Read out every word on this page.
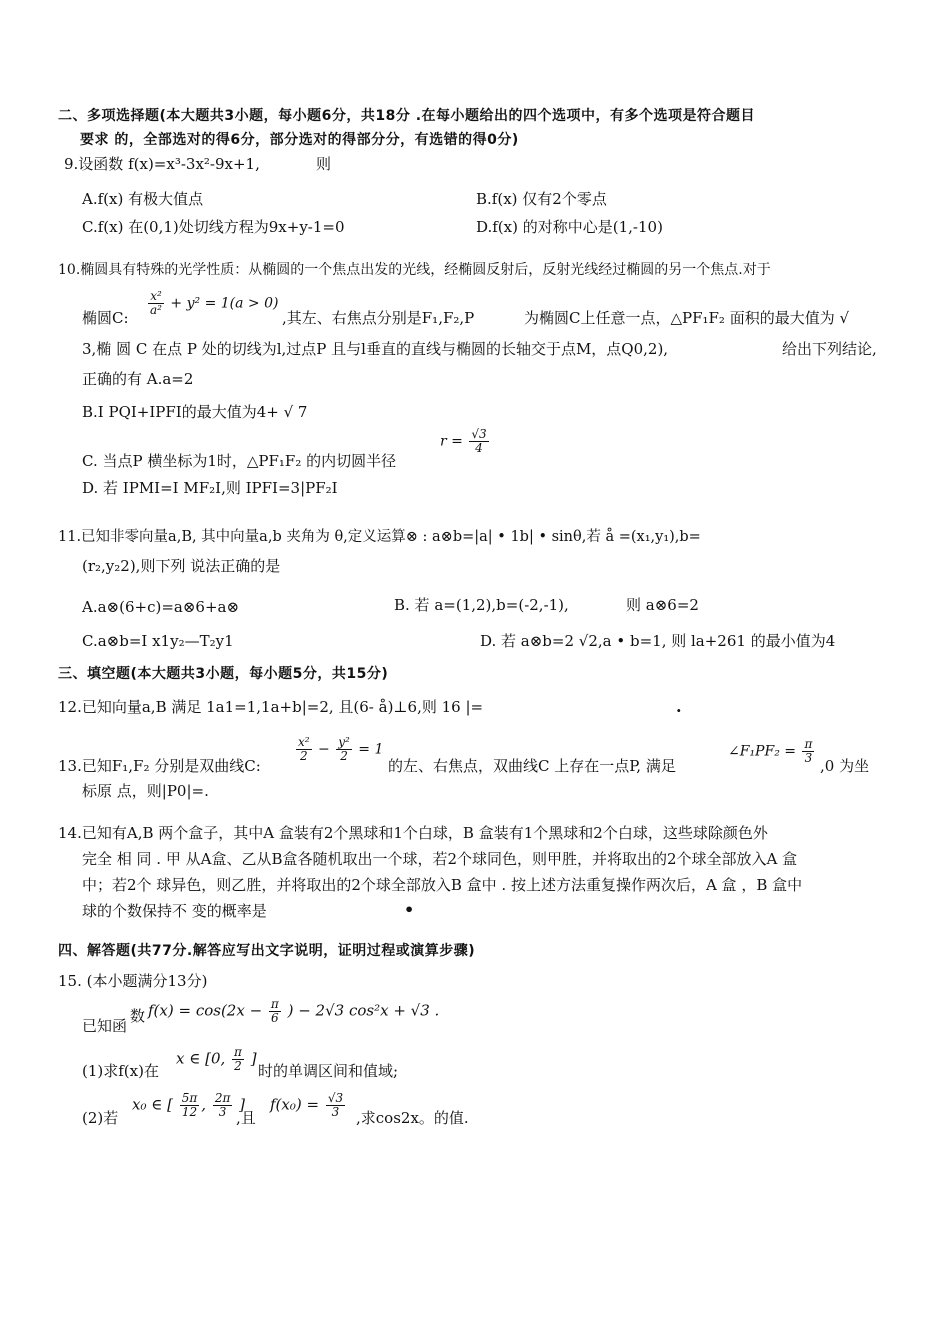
二、多项选择题(本大题共3小题，每小题6分，共18分 .在每小题给出的四个选项中，有多个选项是符合题目
要求 的，全部选对的得6分，部分选对的得部分分，有选错的得0分)
9.设函数 f(x)=x³-3x²-9x+1,	则
A.f(x) 有极大值点	B.f(x) 仅有2个零点
C.f(x) 在(0,1)处切线方程为9x+y-1=0	D.f(x) 的对称中心是(1,-10)
10.椭圆具有特殊的光学性质：从椭圆的一个焦点出发的光线，经椭圆反射后，反射光线经过椭圆的另一个焦点.对于
椭圆C:
$\frac{\text{x²}}{\text{a²}} + y^2 = 1(a > 0)$
,其左、右焦点分别是F₁,F₂,P	为椭圆C上任意一点，△PF₁F₂ 面积的最大值为 √
3,椭 圆 C 在点 P 处的切线为l,过点P 且与l垂直的直线与椭圆的长轴交于点M，点Q0,2),	给出下列结论,
正确的有 A.a=2
B.I PQI+IPFI的最大值为4+ √ 7
C. 当点P 横坐标为1时，△PF₁F₂ 的内切圆半径
$r = \frac{√3}{4}$
D. 若 IPMI=I MF₂I,则 IPFI=3|PF₂I
11.已知非零向量a,B, 其中向量a,b 夹角为 θ,定义运算⊗ : a⊗b=|a| • 1b| • sinθ,若 å =(x₁,y₁),b=
(r₂,y₂2),则下列 说法正确的是
A.a⊗(6+c)=a⊗6+a⊗	B. 若 a=(1,2),b=(-2,-1),	则 a⊗6=2
C.a⊗b=I x1y₂—T₂y1	D. 若 a⊗b=2 √2,a • b=1, 则 la+261 的最小值为4
三、填空题(本大题共3小题，每小题5分，共15分)
12.已知向量a,B 满足 1a1=1,1a+b|=2, 且(6- å)⊥6,则 16 |=	.
13.已知F₁,F₂ 分别是双曲线C:
$\frac{\text{x²}}{2} - \frac{\text{y²}}{2} = 1$
的左、右焦点，双曲线C 上存在一点P, 满足
∠F₁PF₂ = $\frac{\pi}{3}$
,0 为坐
标原 点，则|P0|=.
14.已知有A,B 两个盒子，其中A 盒装有2个黑球和1个白球，B 盒装有1个黑球和2个白球，这些球除颜色外
完全 相 同 . 甲 从A盒、乙从B盒各随机取出一个球，若2个球同色，则甲胜，并将取出的2个球全部放入A 盒
中；若2个 球异色，则乙胜，并将取出的2个球全部放入B 盒中 . 按上述方法重复操作两次后，A 盒 ，B 盒中
球的个数保持不 变的概率是	•
四、解答题(共77分.解答应写出文字说明，证明过程或演算步骤)
15. (本小题满分13分)
已知函
数 $f(x) = \cos(2x - \frac{\pi}{6}$ ) − 2√3 cos²x + √3 .
(1)求f(x)在
x ∈ [0, $\frac{\pi}{2}$ ]
时的单调区间和值域;
(2)若
x₀ ∈ [ $\frac{5\pi}{12}$ , $\frac{2\pi}{3}$ ]
,且
$f(x_0) = \frac{√3}{3}$ ,求cos2x。的值.
